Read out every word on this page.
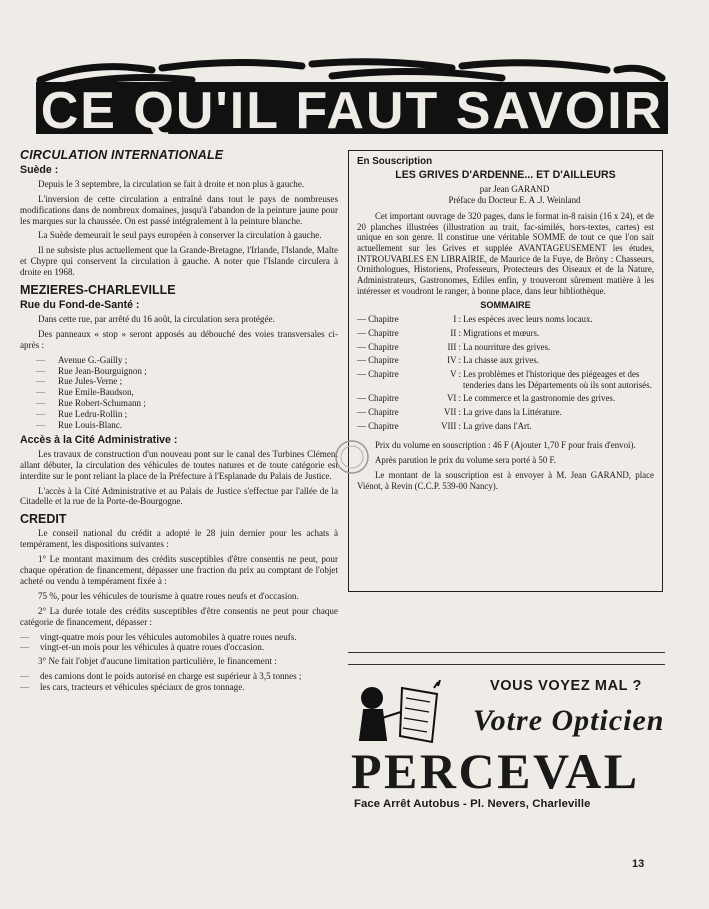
CE QU'IL FAUT SAVOIR
CIRCULATION INTERNATIONALE
Suède :

Depuis le 3 septembre, la circulation se fait à droite et non plus à gauche.

L'inversion de cette circulation a entraîné dans tout le pays de nombreuses modifications dans de nombreux domaines, jusqu'à l'abandon de la peinture jaune pour les marques sur la chaussée. On est passé intégralement à la peinture blanche.

La Suède demeurait le seul pays européen à conserver la circulation à gauche.

Il ne subsiste plus actuellement que la Grande-Bretagne, l'Irlande, l'Islande, Malte et Chypre qui conservent la circulation à gauche. A noter que l'Islande circulera à droite en 1968.

MEZIERES-CHARLEVILLE
Rue du Fond-de-Santé :

Dans cette rue, par arrêté du 16 août, la circulation sera protégée.

Des panneaux « stop » seront apposés au débouché des voies transversales ci-après :

— Avenue G.-Gailly ;
— Rue Jean-Bourguignon ;
— Rue Jules-Verne ;
— Rue Emile-Baudson,
— Rue Robert-Schumann ;
— Rue Ledru-Rollin ;
— Rue Louis-Blanc.
Accès à la Cité Administrative :

Les travaux de construction d'un nouveau pont sur le canal des Turbines Clément allant débuter, la circulation des véhicules de toutes natures et de toute catégorie est interdite sur le pont reliant la place de la Préfecture à l'Esplanade du Palais de Justice.

L'accès à la Cité Administrative et au Palais de Justice s'effectue par l'allée de la Citadelle et la rue de la Porte-de-Bourgogne.

CREDIT

Le conseil national du crédit a adopté le 28 juin dernier pour les achats à tempérament, les dispositions suivantes :

1° Le montant maximum des crédits susceptibles d'être consentis ne peut, pour chaque opération de financement, dépasser une fraction du prix au comptant de l'objet acheté ou vendu à tempérament fixée à :

75 %, pour les véhicules de tourisme à quatre roues neufs et d'occasion.

2° La durée totale des crédits susceptibles d'être consentis ne peut pour chaque catégorie de financement, dépasser :

— vingt-quatre mois pour les véhicules automobiles à quatre roues neufs.
— vingt-et-un mois pour les véhicules à quatre roues d'occasion.

3° Ne fait l'objet d'aucune limitation particulière, le financement :

— des camions dont le poids autorisé en charge est supérieur à 3,5 tonnes ;
— les cars, tracteurs et véhicules spéciaux de gros tonnage.
En Souscription
LES GRIVES D'ARDENNE... ET D'AILLEURS

par Jean GARAND

Préface du Docteur E. A .J. Weinland

Cet important ouvrage de 320 pages, dans le format in-8 raisin (16 x 24), et de 20 planches illustrées (illustration au trait, fac-similés, hors-textes, cartes) est unique en son genre. Il constitue une véritable SOMME de tout ce que l'on sait actuellement sur les Grives et supplée AVANTAGEUSEMENT les études, INTROUVABLES EN LIBRAIRIE, de Maurice de la Fuye, de Bröny : Chasseurs, Ornithologues, Historiens, Professeurs, Protecteurs des Oiseaux et de la Nature, Administrateurs, Gastronomes, Ediles enfin, y trouveront sûrement matière à les intéresser et voudront le ranger, à bonne place, dans leur bibliothèque.

SOMMAIRE
— Chapitre	I :	Les espèces avec leurs noms locaux.
— Chapitre	II :	Migrations et mœurs.
— Chapitre	III :	La nourriture des grives.
— Chapitre	IV :	La chasse aux grives.
— Chapitre	V :	Les problèmes et l'historique des piégeages et des tenderies dans les Départements où ils sont autorisés.
— Chapitre	VI :	Le commerce et la gastronomie des grives.
— Chapitre	VII :	La grive dans la Littérature.
— Chapitre	VIII :	La grive dans l'Art.

Prix du volume en souscription : 46 F (Ajouter 1,70 F pour frais d'envoi).

Après parution le prix du volume sera porté à 50 F.

Le montant de la souscription est à envoyer à M. Jean GARAND, place Viénot, à Revin (C.C.P. 539-00 Nancy).

VOUS VOYEZ MAL ?
Votre Opticien
PERCEVAL
Face Arrêt Autobus - Pl. Nevers, Charleville
13
